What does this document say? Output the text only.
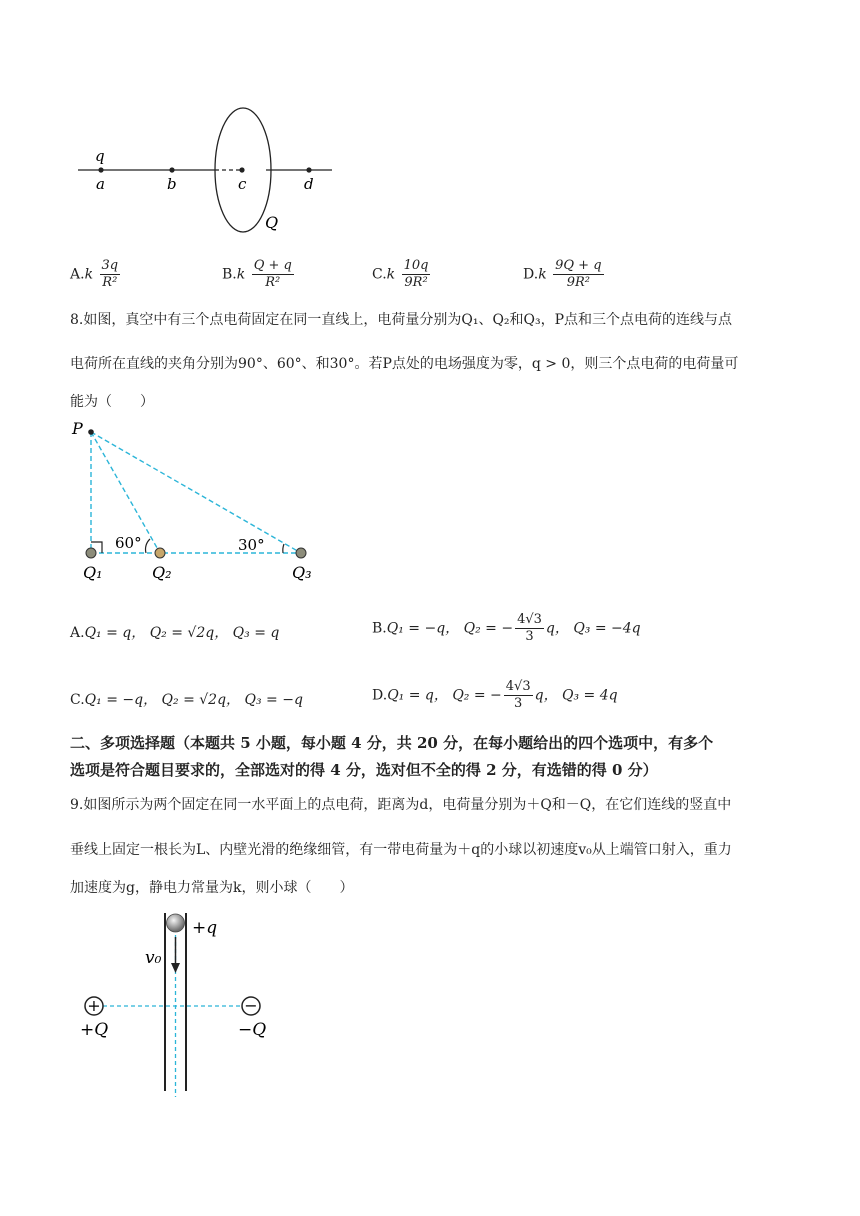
q
a	b	c	d
Q
$A.k \frac{3q}{\text{R²}}$	$B.k \frac{Q + q}{\text{R²}}$	$C.k \frac{10q}{\text{9R²}}$	$D.k \frac{9Q + q}{\text{9R²}}$
8.如图，真空中有三个点电荷固定在同一直线上，电荷量分别为Q₁、Q₂和Q₃，P点和三个点电荷的连线与点
电荷所在直线的夹角分别为90°、60°、和30°。若P点处的电场强度为零，q > 0，则三个点电荷的电荷量可
能为（　　）
P
60°	30°
Q₁	Q₂	Q₃
A.Q₁ = q， Q₂ = √2q， Q₃ = q	B.Q₁ = −q， Q₂ = − $\frac{4√3}{3}$ q， Q₃ = −4q
C.Q₁ = −q， Q₂ = √2q， Q₃ = −q	D.Q₁ = q， Q₂ = − $\frac{4√3}{3}$ q， Q₃ = 4q
二、多项选择题（本题共 5 小题，每小题 4 分，共 20 分，在每小题给出的四个选项中，有多个
选项是符合题目要求的，全部选对的得 4 分，选对但不全的得 2 分，有选错的得 0 分）
9.如图所示为两个固定在同一水平面上的点电荷，距离为d，电荷量分别为＋Q和－Q，在它们连线的竖直中
垂线上固定一根长为L、内壁光滑的绝缘细管，有一带电荷量为＋q的小球以初速度v₀从上端管口射入，重力
加速度为g，静电力常量为k，则小球（　　）
+q
v₀
+	−
+Q	−Q
